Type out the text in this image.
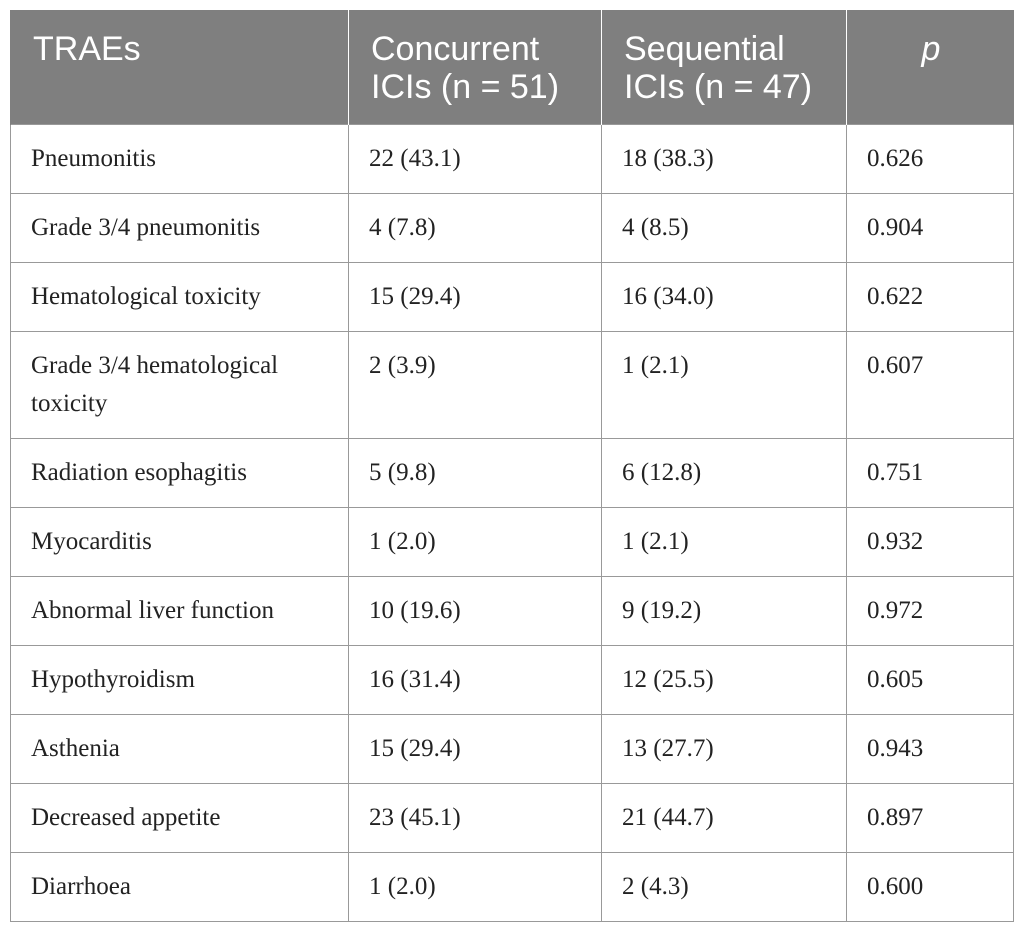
TRAEs	Concurrent ICIs (n = 51)	Sequential ICIs (n = 47)	p
Pneumonitis	22 (43.1)	18 (38.3)	0.626
Grade 3/4 pneumonitis	4 (7.8)	4 (8.5)	0.904
Hematological toxicity	15 (29.4)	16 (34.0)	0.622
Grade 3/4 hematological toxicity	2 (3.9)	1 (2.1)	0.607
Radiation esophagitis	5 (9.8)	6 (12.8)	0.751
Myocarditis	1 (2.0)	1 (2.1)	0.932
Abnormal liver function	10 (19.6)	9 (19.2)	0.972
Hypothyroidism	16 (31.4)	12 (25.5)	0.605
Asthenia	15 (29.4)	13 (27.7)	0.943
Decreased appetite	23 (45.1)	21 (44.7)	0.897
Diarrhoea	1 (2.0)	2 (4.3)	0.600
